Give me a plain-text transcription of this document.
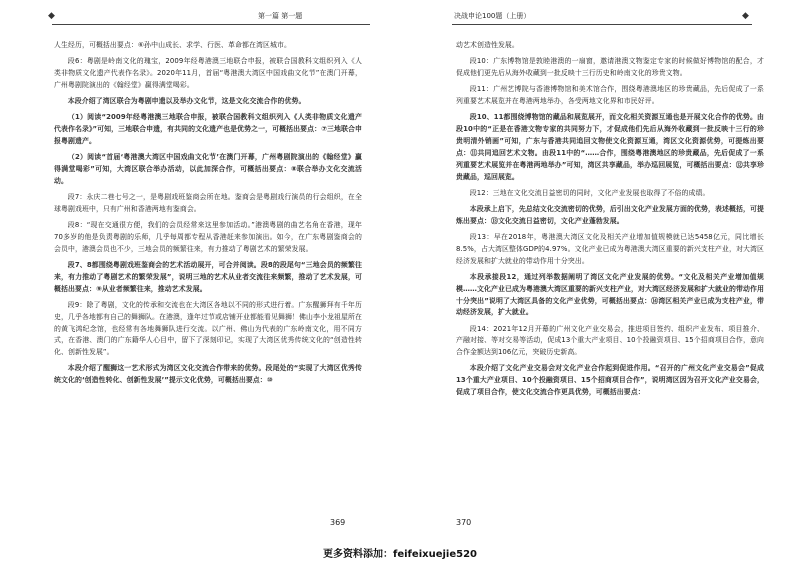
◆	第一篇 第一题

人生经历，可概括出要点：⑥孙中山成长、求学、行医、革命都在湾区城市。

段6：粤剧是岭南文化的瑰宝，2009年经粤港澳三地联合申报，被联合国教科文组织列入《人类非物质文化遗产代表作名录》。2020年11月，首届“粤港澳大湾区中国戏曲文化节”在澳门开幕，广州粤剧院演出的《翰经堂》赢得满堂喝彩。

本段介绍了湾区联合为粤剧申遗以及举办文化节，这是文化交流合作的优势。

（1）阅读“2009年经粤港澳三地联合申报，被联合国教科文组织列入《人类非物质文化遗产代表作名录》”可知，三地联合申遗，有共同的文化遗产也是优势之一，可概括出要点：⑦三地联合申报粤剧遗产。

（2）阅读“首届‘粤港澳大湾区中国戏曲文化节’在澳门开幕，广州粤剧院演出的《翰经堂》赢得满堂喝彩”可知，大湾区联合举办活动，以此加深合作，可概括出要点：⑧联合举办文化交流活动。

段7：永庆二巷七号之一，是粤剧戏班鉴商会所在地。鉴商会是粤剧戏行演员的行会组织，在全球粤剧戏班中，只有广州和香港两地有鉴商会。

段8：“现在交通很方便，我们的会员经常来这里参加活动。”港澳粤剧的曲艺名角在香港，现年70多岁的他是负责粤剧的乐师，几乎每周都专程从香港赶来参加演出。如今，在广东粤剧鉴商会的会员中，港澳会员也不少，三地会员的频繁往来，有力推动了粤剧艺术的繁荣发展。

段7、8都围绕粤剧戏班鉴商会的艺术活动展开，可合并阅读。段8的段尾句“三地会员的频繁往来，有力推动了粤剧艺术的繁荣发展”，说明三地的艺术从业者交流往来频繁，推动了艺术发展，可概括出要点：⑨从业者频繁往来，推动艺术发展。

段9：除了粤剧，文化的传承和交流也在大湾区各地以不同的形式进行着。广东醒狮拜有千年历史，几乎各地都有自己的舞狮队。在港澳，逢年过节或店铺开业都能看见舞狮！佛山李小龙祖屋所在的黄飞鸿纪念馆，也经常有各地舞狮队进行交流。以广州、佛山为代表的广东岭南文化，用不同方式，在香港、澳门的广东籍华人心目中，留下了深刻印记，实现了大湾区优秀传统文化的“创造性转化、创新性发展”。

本段介绍了醒狮这一艺术形式为湾区文化交流合作带来的优势。段尾处的“实现了大湾区优秀传统文化的‘创造性转化、创新性发展’”提示文化优势，可概括出要点：⑩

369
决战申论100题（上册）	◆

动艺术创造性发展。

段10：广东博物馆是敦睦港澳的一扇窗，邀请港澳文物鉴定专家的时候做好博物馆的配合，才促成他们更先后从海外收藏到一批反映十三行历史和岭南文化的珍贵文物。

段11：广州艺博院与香港博物馆和美术馆合作，围绕粤港澳地区的珍贵藏品，先后促成了一系列重要艺术展览并在粤港两地举办，各受两地文化界和市民好评。

段10、11都围绕博物馆的藏品和展览展开，而文化相关资源互通也是开展文化合作的优势。由段10中的“正是在香港文物专家的共同努力下，才促成他们先后从海外收藏到一批反映十三行的珍贵明清外销画”可知，广东与香港共同追回文物使文化资源互通，湾区文化资源优势，可提炼出要点：⑪共同追回艺术文物。由段11中的“……合作，围绕粤港澳地区的珍贵藏品，先后促成了一系列重要艺术展览并在粤港两地举办”可知，湾区共享藏品，举办巡回展览，可概括出要点：⑫共享珍贵藏品，巡回展览。

段12：三地在文化交流日益密切的同时，文化产业发展也取得了不俗的成绩。

本段承上启下，先总结文化交流密切的优势，后引出文化产业发展方面的优势，表述概括，可提炼出要点：⑬文化交流日益密切，文化产业蓬勃发展。

段13：早在2018年，粤港澳大湾区文化及相关产业增加值规模就已达5458亿元，同比增长8.5%，占大湾区整体GDP的4.97%。文化产业已成为粤港澳大湾区重要的新兴支柱产业，对大湾区经济发展和扩大就业的带动作用十分突出。

本段承接段12，通过列举数据阐明了湾区文化产业发展的优势。“文化及相关产业增加值规模……文化产业已成为粤港澳大湾区重要的新兴支柱产业，对大湾区经济发展和扩大就业的带动作用十分突出”说明了大湾区具备的文化产业优势，可概括出要点：⑭湾区相关产业已成为支柱产业，带动经济发展，扩大就业。

段14：2021年12月开幕的广州文化产业交易会，推进项目签约、组织产业发布、项目推介、产融对接、等对交易等活动，促成13个重大产业项目、10个投融资项目、15个招商项目合作，意向合作金额达到106亿元，突破历史新高。

本段介绍了文化产业交易会对文化产业合作起到促进作用。“召开的广州文化产业交易会”促成13个重大产业项目、10个投融资项目、15个招商项目合作”，说明湾区因为召开文化产业交易会，促成了项目合作，使文化交流合作更具优势，可概括出要点：

370
更多资料添加：feifeixuejie520
